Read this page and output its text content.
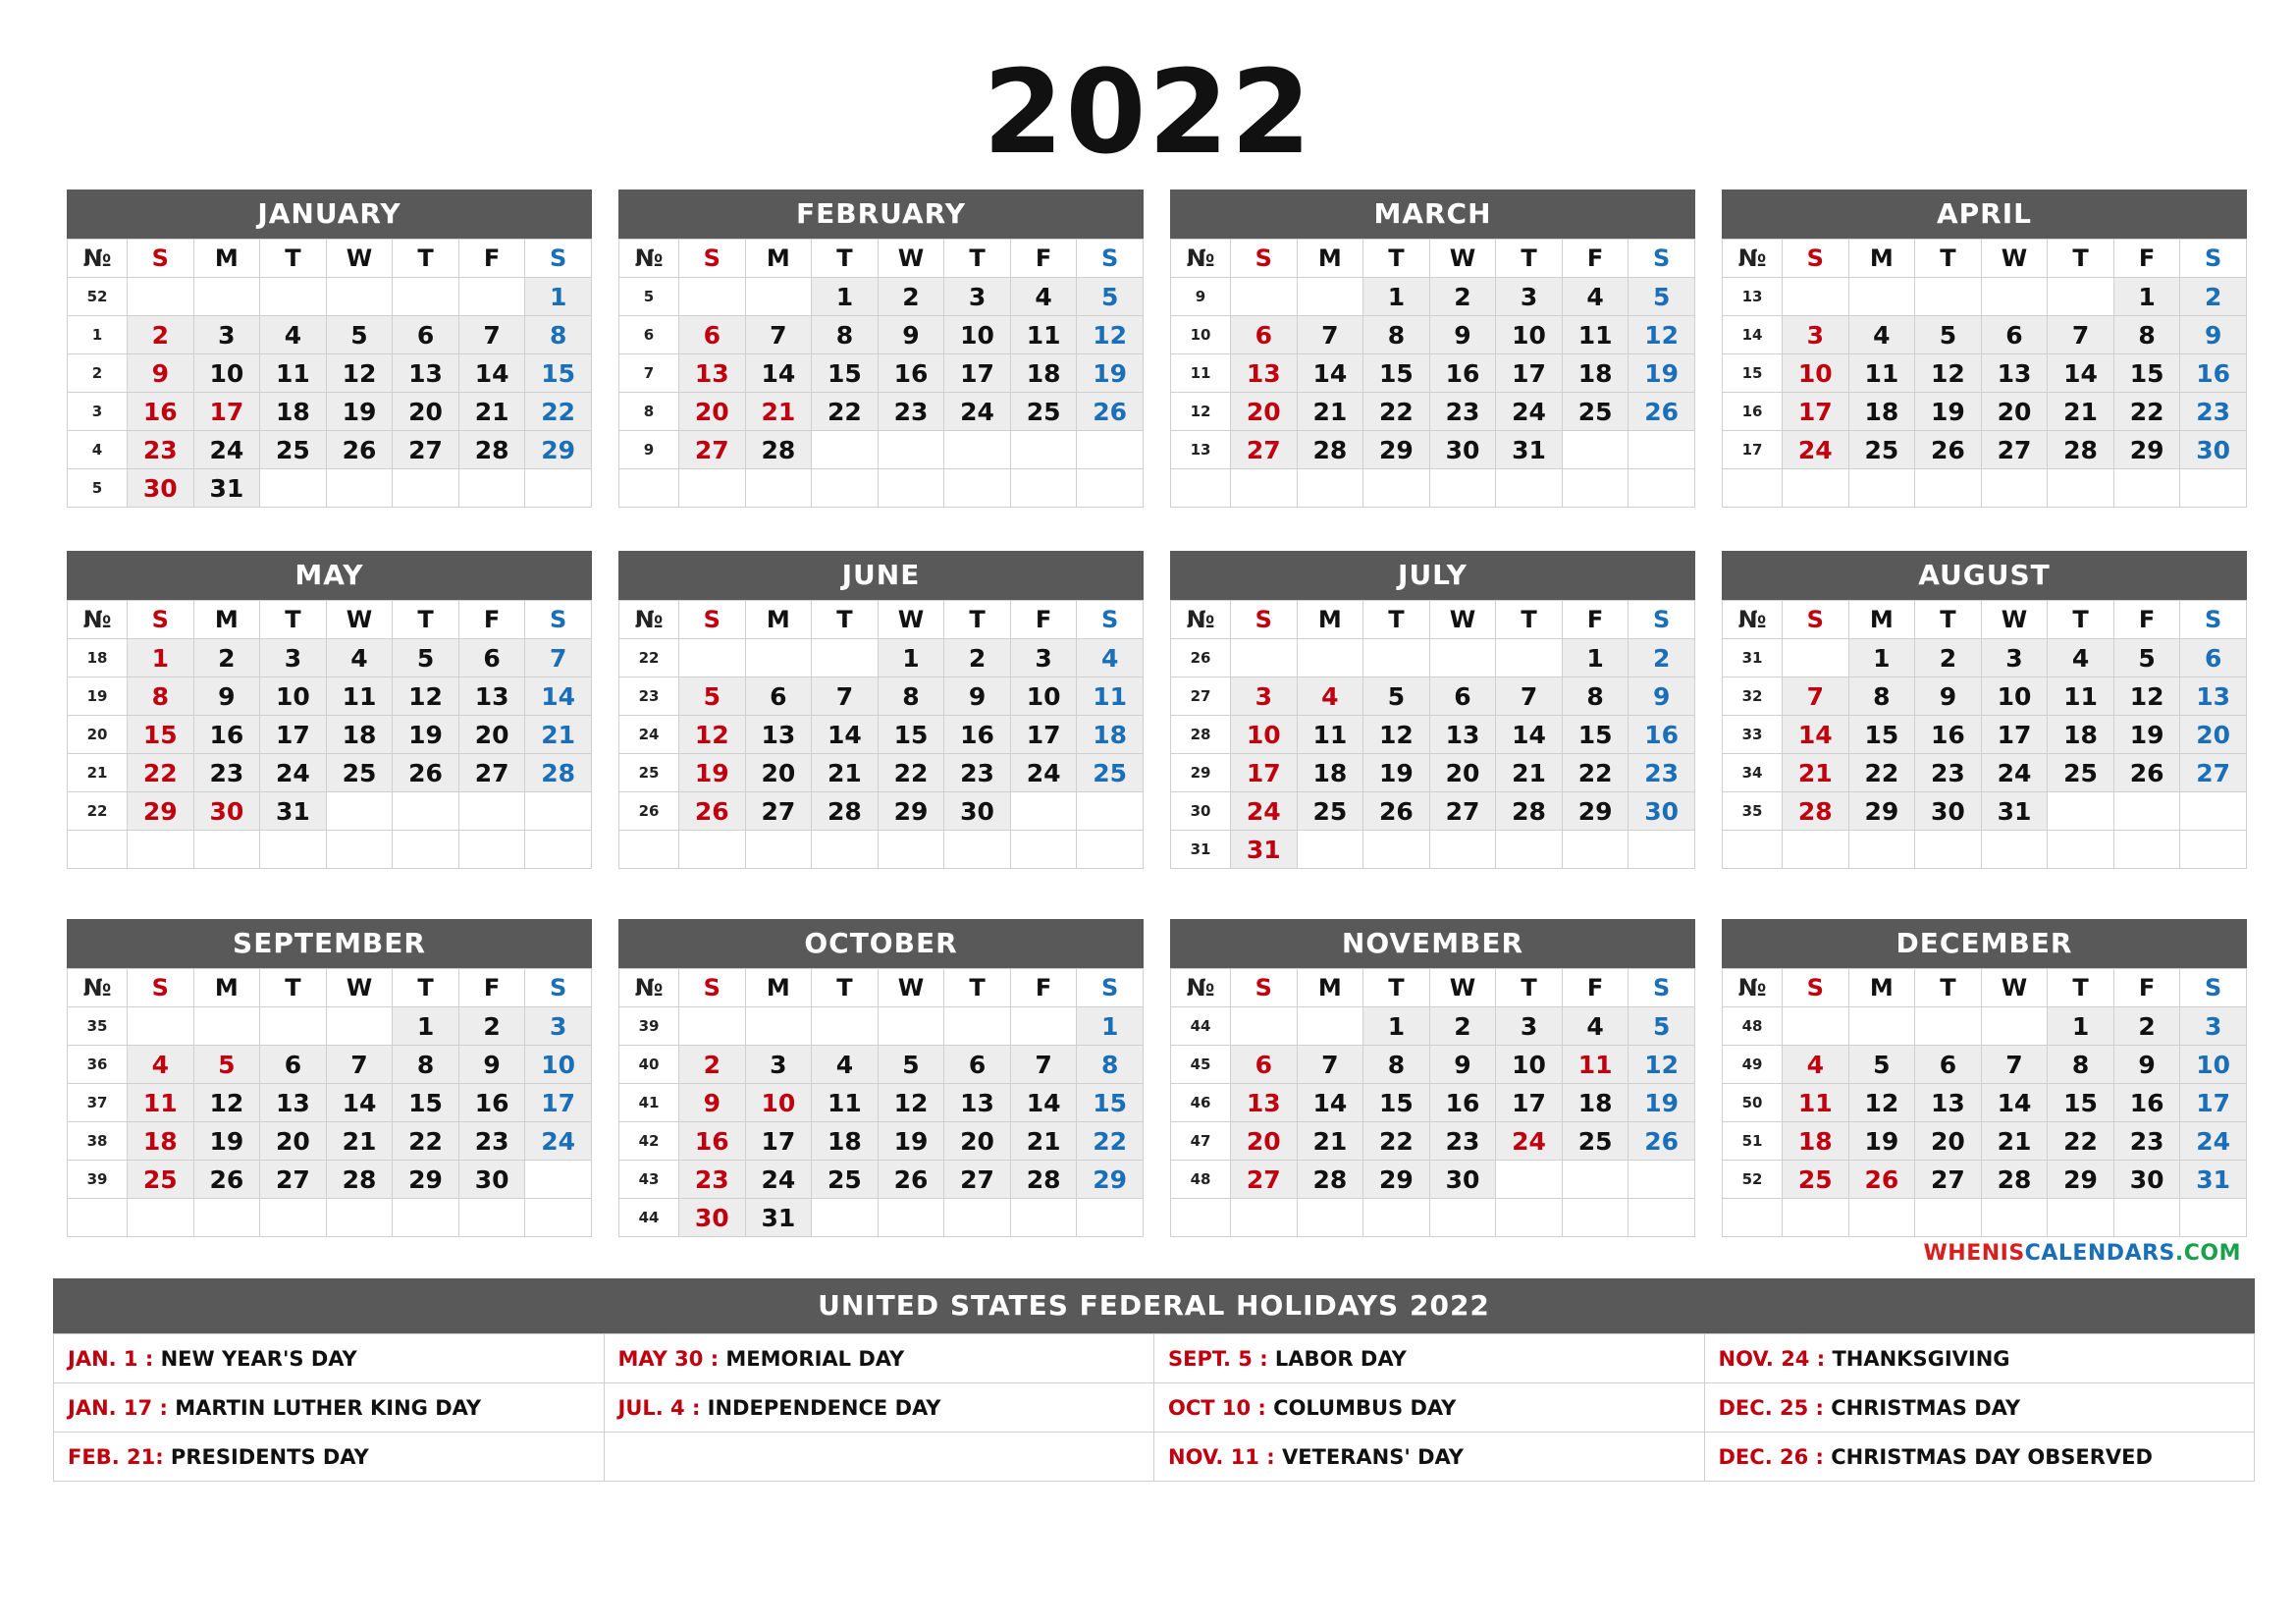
2022
JANUARY
№	S	M	T	W	T	F	S
52							1
1	2	3	4	5	6	7	8
2	9	10	11	12	13	14	15
3	16	17	18	19	20	21	22
4	23	24	25	26	27	28	29
5	30	31					
FEBRUARY
№	S	M	T	W	T	F	S
5			1	2	3	4	5
6	6	7	8	9	10	11	12
7	13	14	15	16	17	18	19
8	20	21	22	23	24	25	26
9	27	28					

MARCH
№	S	M	T	W	T	F	S
9			1	2	3	4	5
10	6	7	8	9	10	11	12
11	13	14	15	16	17	18	19
12	20	21	22	23	24	25	26
13	27	28	29	30	31		

APRIL
№	S	M	T	W	T	F	S
13						1	2
14	3	4	5	6	7	8	9
15	10	11	12	13	14	15	16
16	17	18	19	20	21	22	23
17	24	25	26	27	28	29	30

MAY
№	S	M	T	W	T	F	S
18	1	2	3	4	5	6	7
19	8	9	10	11	12	13	14
20	15	16	17	18	19	20	21
21	22	23	24	25	26	27	28
22	29	30	31				

JUNE
№	S	M	T	W	T	F	S
22				1	2	3	4
23	5	6	7	8	9	10	11
24	12	13	14	15	16	17	18
25	19	20	21	22	23	24	25
26	26	27	28	29	30		

JULY
№	S	M	T	W	T	F	S
26						1	2
27	3	4	5	6	7	8	9
28	10	11	12	13	14	15	16
29	17	18	19	20	21	22	23
30	24	25	26	27	28	29	30
31	31						
AUGUST
№	S	M	T	W	T	F	S
31		1	2	3	4	5	6
32	7	8	9	10	11	12	13
33	14	15	16	17	18	19	20
34	21	22	23	24	25	26	27
35	28	29	30	31			

SEPTEMBER
№	S	M	T	W	T	F	S
35					1	2	3
36	4	5	6	7	8	9	10
37	11	12	13	14	15	16	17
38	18	19	20	21	22	23	24
39	25	26	27	28	29	30	

OCTOBER
№	S	M	T	W	T	F	S
39							1
40	2	3	4	5	6	7	8
41	9	10	11	12	13	14	15
42	16	17	18	19	20	21	22
43	23	24	25	26	27	28	29
44	30	31					
NOVEMBER
№	S	M	T	W	T	F	S
44			1	2	3	4	5
45	6	7	8	9	10	11	12
46	13	14	15	16	17	18	19
47	20	21	22	23	24	25	26
48	27	28	29	30			

DECEMBER
№	S	M	T	W	T	F	S
48					1	2	3
49	4	5	6	7	8	9	10
50	11	12	13	14	15	16	17
51	18	19	20	21	22	23	24
52	25	26	27	28	29	30	31

WHENISCALENDARS.COM
UNITED STATES FEDERAL HOLIDAYS 2022
JAN. 1 : NEW YEAR'S DAY	MAY 30 : MEMORIAL DAY	SEPT. 5 : LABOR DAY	NOV. 24 : THANKSGIVING
JAN. 17 : MARTIN LUTHER KING DAY	JUL. 4 : INDEPENDENCE DAY	OCT 10 : COLUMBUS DAY	DEC. 25 : CHRISTMAS DAY
FEB. 21: PRESIDENTS DAY		NOV. 11 : VETERANS' DAY	DEC. 26 : CHRISTMAS DAY OBSERVED
